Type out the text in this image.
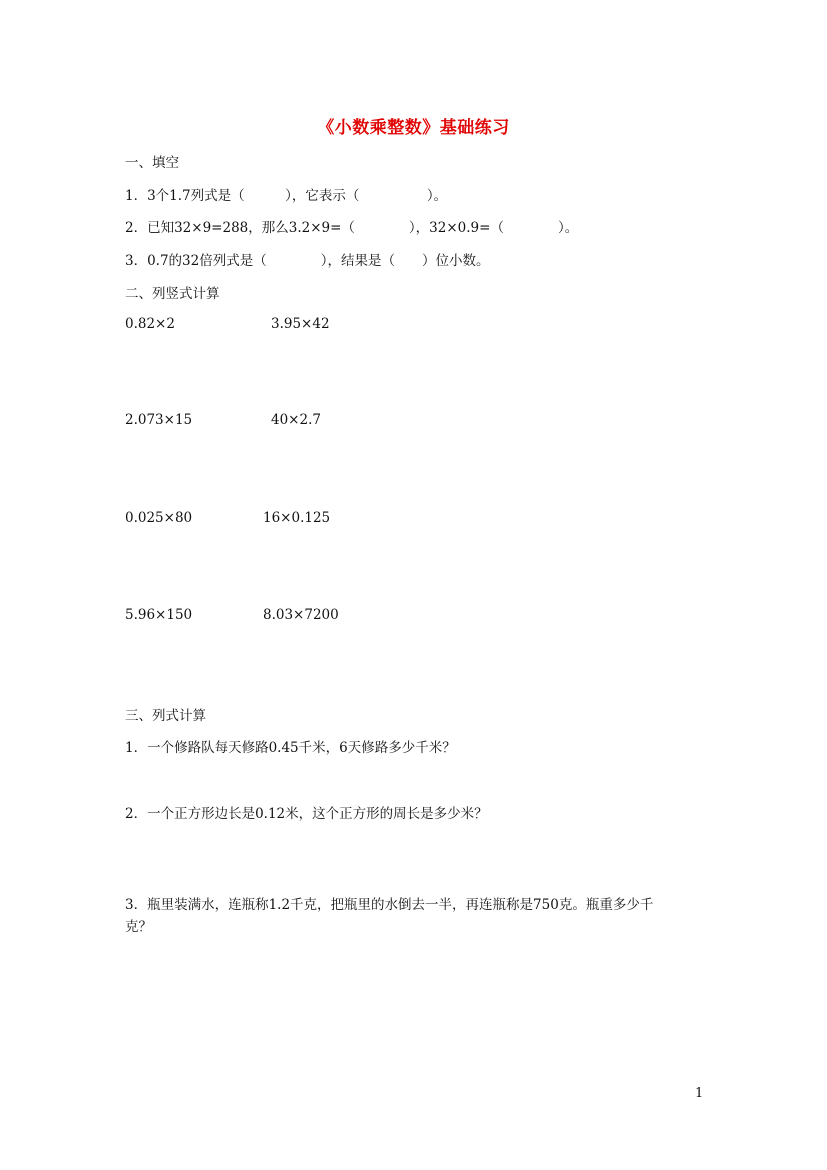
《小数乘整数》基础练习
一、填空
1．3个1.7列式是（　　　），它表示（　　　　　）。
2．已知32×9=288，那么3.2×9=（　　　　），32×0.9=（　　　　）。
3．0.7的32倍列式是（　　　　），结果是（　　）位小数。
二、列竖式计算
0.82×2	3.95×42
2.073×15	40×2.7
0.025×80	16×0.125
5.96×150	8.03×7200
三、列式计算
1．一个修路队每天修路0.45千米，6天修路多少千米？
2．一个正方形边长是0.12米，这个正方形的周长是多少米？
3．瓶里装满水，连瓶称1.2千克，把瓶里的水倒去一半，再连瓶称是750克。瓶重多少千
克？
1
